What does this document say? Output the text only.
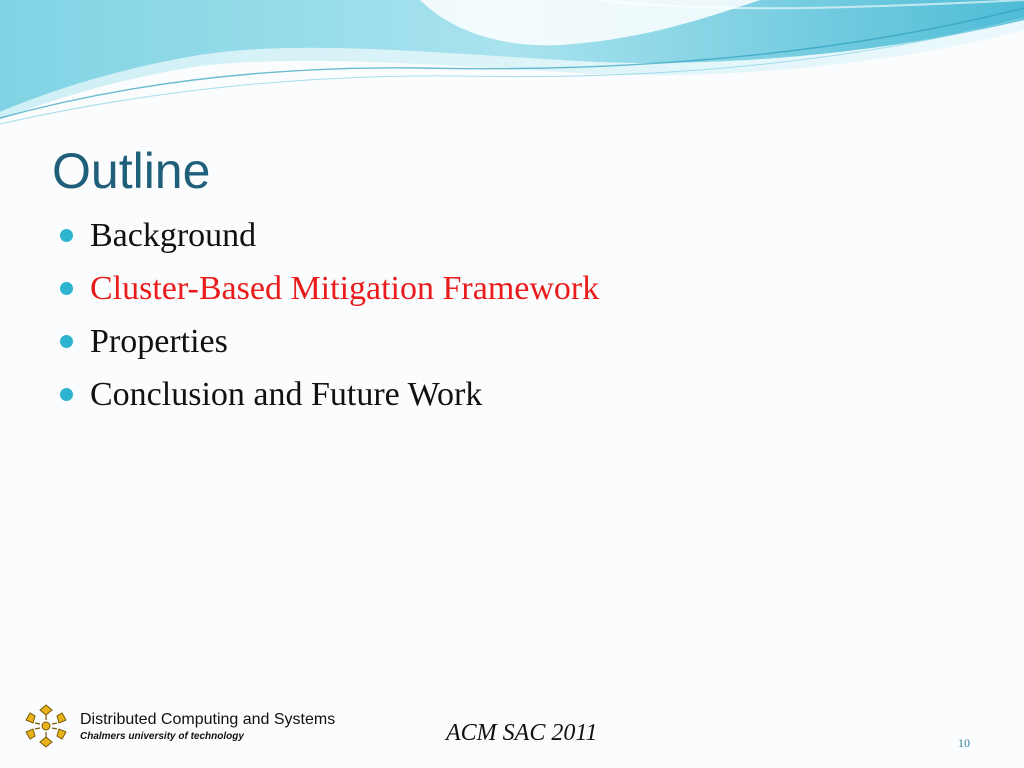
Outline
Background
Cluster-Based Mitigation Framework
Properties
Conclusion and Future Work
Distributed Computing and Systems
Chalmers university of technology	ACM SAC 2011	10
